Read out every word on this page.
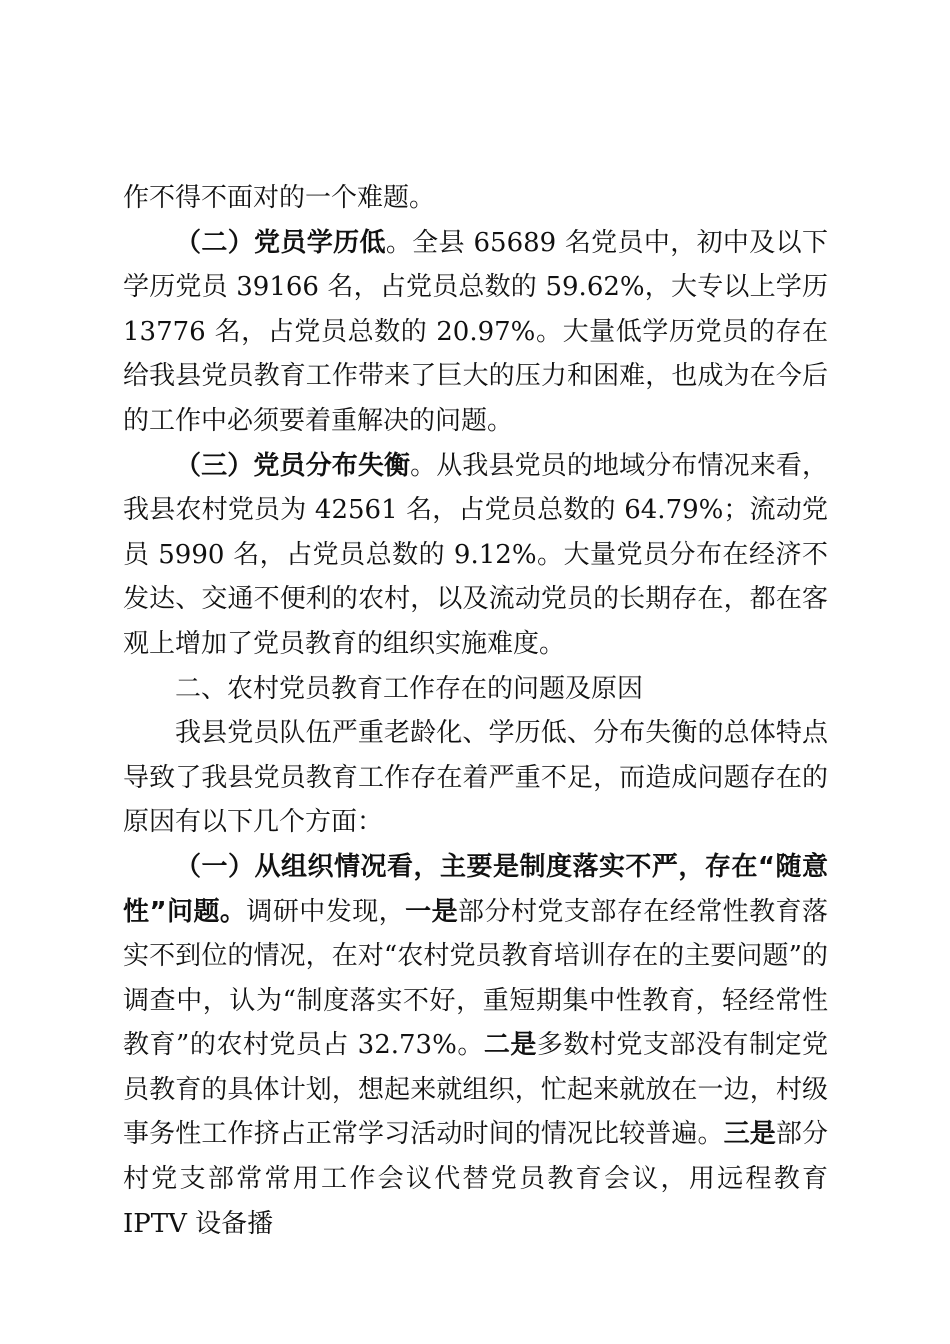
作不得不面对的一个难题。

（二）党员学历低。全县 65689 名党员中，初中及以下学历党员 39166 名，占党员总数的 59.62%，大专以上学历 13776 名，占党员总数的 20.97%。大量低学历党员的存在给我县党员教育工作带来了巨大的压力和困难，也成为在今后的工作中必须要着重解决的问题。

（三）党员分布失衡。从我县党员的地域分布情况来看，我县农村党员为 42561 名，占党员总数的 64.79%；流动党员 5990 名，占党员总数的 9.12%。大量党员分布在经济不发达、交通不便利的农村，以及流动党员的长期存在，都在客观上增加了党员教育的组织实施难度。

二、农村党员教育工作存在的问题及原因

我县党员队伍严重老龄化、学历低、分布失衡的总体特点导致了我县党员教育工作存在着严重不足，而造成问题存在的原因有以下几个方面：

（一）从组织情况看，主要是制度落实不严，存在“随意性”问题。调研中发现，一是部分村党支部存在经常性教育落实不到位的情况，在对“农村党员教育培训存在的主要问题”的调查中，认为“制度落实不好，重短期集中性教育，轻经常性教育”的农村党员占 32.73%。二是多数村党支部没有制定党员教育的具体计划，想起来就组织，忙起来就放在一边，村级事务性工作挤占正常学习活动时间的情况比较普遍。三是部分村党支部常常用工作会议代替党员教育会议，用远程教育 IPTV 设备播
